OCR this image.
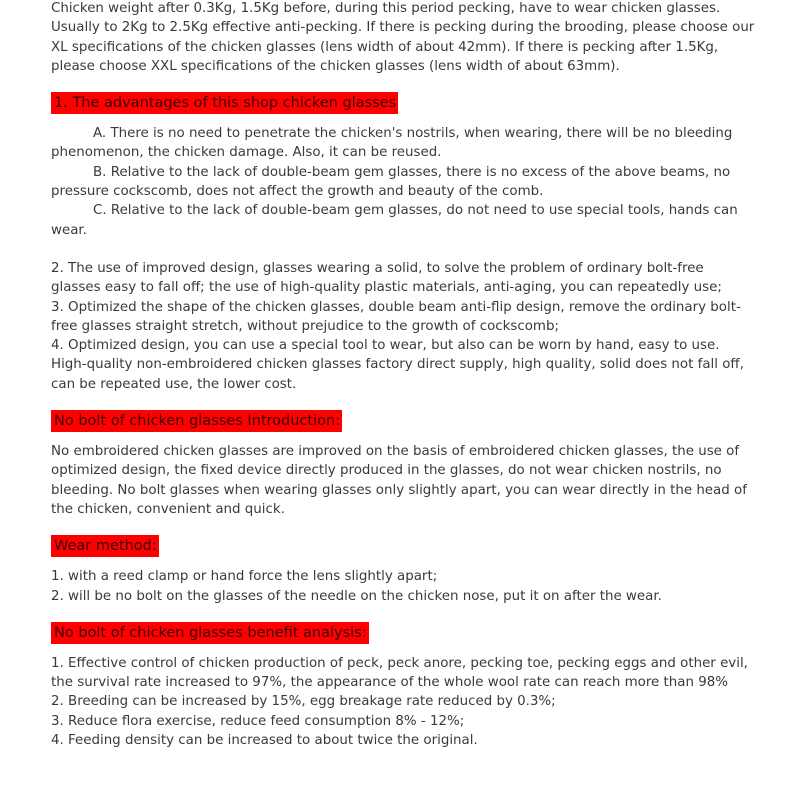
Chicken weight after 0.3Kg, 1.5Kg before, during this period pecking, have to wear chicken glasses. Usually to 2Kg to 2.5Kg effective anti-pecking. If there is pecking during the brooding, please choose our XL specifications of the chicken glasses (lens width of about 42mm). If there is pecking after 1.5Kg, please choose XXL specifications of the chicken glasses (lens width of about 63mm).

1. The advantages of this shop chicken glasses

A. There is no need to penetrate the chicken's nostrils, when wearing, there will be no bleeding phenomenon, the chicken damage. Also, it can be reused.

B. Relative to the lack of double-beam gem glasses, there is no excess of the above beams, no pressure cockscomb, does not affect the growth and beauty of the comb.

C. Relative to the lack of double-beam gem glasses, do not need to use special tools, hands can wear.

2. The use of improved design, glasses wearing a solid, to solve the problem of ordinary bolt-free glasses easy to fall off; the use of high-quality plastic materials, anti-aging, you can repeatedly use;

3. Optimized the shape of the chicken glasses, double beam anti-flip design, remove the ordinary bolt-free glasses straight stretch, without prejudice to the growth of cockscomb;

4. Optimized design, you can use a special tool to wear, but also can be worn by hand, easy to use.

High-quality non-embroidered chicken glasses factory direct supply, high quality, solid does not fall off, can be repeated use, the lower cost.

No bolt of chicken glasses Introduction:

No embroidered chicken glasses are improved on the basis of embroidered chicken glasses, the use of optimized design, the fixed device directly produced in the glasses, do not wear chicken nostrils, no bleeding. No bolt glasses when wearing glasses only slightly apart, you can wear directly in the head of the chicken, convenient and quick.

Wear method:

1. with a reed clamp or hand force the lens slightly apart;

2. will be no bolt on the glasses of the needle on the chicken nose, put it on after the wear.

No bolt of chicken glasses benefit analysis:

1. Effective control of chicken production of peck, peck anore, pecking toe, pecking eggs and other evil, the survival rate increased to 97%, the appearance of the whole wool rate can reach more than 98%

2. Breeding can be increased by 15%, egg breakage rate reduced by 0.3%;

3. Reduce flora exercise, reduce feed consumption 8% - 12%;

4. Feeding density can be increased to about twice the original.
